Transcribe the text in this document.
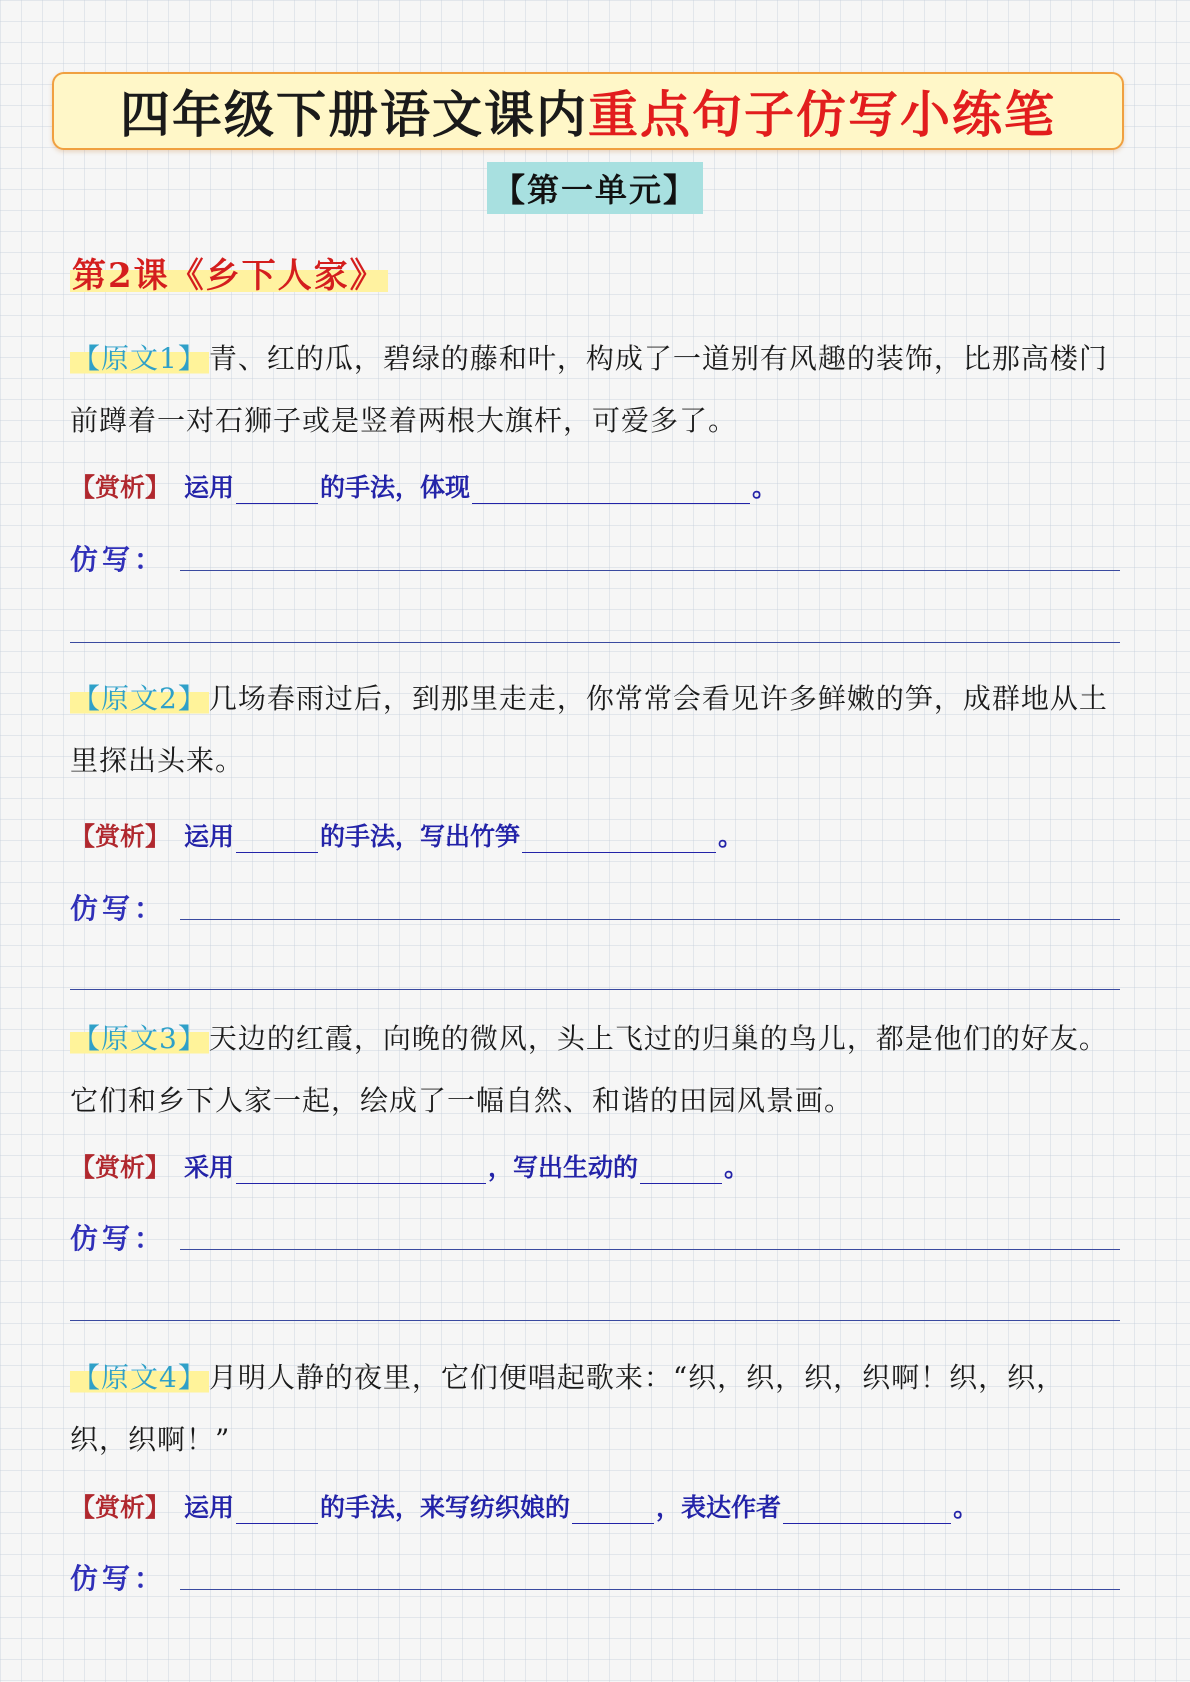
四年级下册语文课内 重点句子仿写小练笔
【第一单元】
第2课《乡下人家》
【原文1】青、红的瓜，碧绿的藤和叶，构成了一道别有风趣的装饰，比那高楼门前蹲着一对石狮子或是竖着两根大旗杆，可爱多了。
【赏析】 运用	的手法，体现	。
仿写：
【原文2】几场春雨过后，到那里走走，你常常会看见许多鲜嫩的笋，成群地从土里探出头来。
【赏析】 运用	的手法，写出竹笋	。
仿写：
【原文3】天边的红霞，向晚的微风，头上飞过的归巢的鸟儿，都是他们的好友。它们和乡下人家一起，绘成了一幅自然、和谐的田园风景画。
【赏析】 采用	，写出生动的	。
仿写：
【原文4】月明人静的夜里，它们便唱起歌来：“织，织，织，织啊！织，织，织，织啊！”
【赏析】 运用	的手法，来写纺织娘的	，表达作者	。
仿写：
